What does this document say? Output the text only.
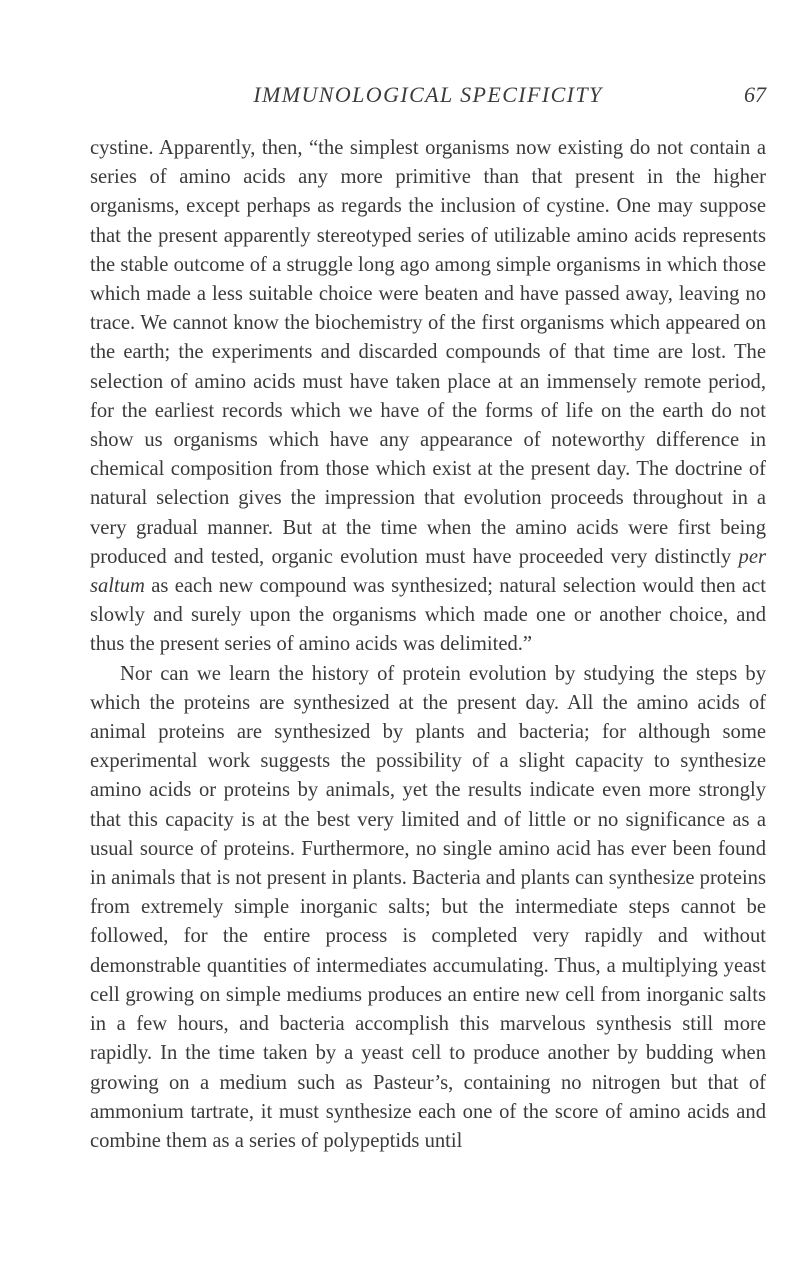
IMMUNOLOGICAL SPECIFICITY	67

cystine. Apparently, then, “the simplest organisms now existing do not contain a series of amino acids any more primitive than that present in the higher organisms, except perhaps as regards the inclusion of cystine. One may suppose that the present apparently stereotyped series of utilizable amino acids represents the stable outcome of a struggle long ago among simple organisms in which those which made a less suitable choice were beaten and have passed away, leaving no trace. We cannot know the biochemistry of the first organisms which appeared on the earth; the experiments and discarded compounds of that time are lost. The selection of amino acids must have taken place at an immensely remote period, for the earliest records which we have of the forms of life on the earth do not show us organisms which have any appearance of noteworthy difference in chemical composition from those which exist at the present day. The doctrine of natural selection gives the impression that evolution proceeds throughout in a very gradual manner. But at the time when the amino acids were first being produced and tested, organic evolution must have proceeded very distinctly per saltum as each new compound was synthesized; natural selection would then act slowly and surely upon the organisms which made one or another choice, and thus the present series of amino acids was delimited.”

Nor can we learn the history of protein evolution by studying the steps by which the proteins are synthesized at the present day. All the amino acids of animal proteins are synthesized by plants and bacteria; for although some experimental work suggests the possibility of a slight capacity to synthesize amino acids or proteins by animals, yet the results indicate even more strongly that this capacity is at the best very limited and of little or no significance as a usual source of proteins. Furthermore, no single amino acid has ever been found in animals that is not present in plants. Bacteria and plants can synthesize proteins from extremely simple inorganic salts; but the intermediate steps cannot be followed, for the entire process is completed very rapidly and without demonstrable quantities of intermediates accumulating. Thus, a multiplying yeast cell growing on simple mediums produces an entire new cell from inorganic salts in a few hours, and bacteria accomplish this marvelous synthesis still more rapidly. In the time taken by a yeast cell to produce another by budding when growing on a medium such as Pasteur’s, containing no nitrogen but that of ammonium tartrate, it must synthesize each one of the score of amino acids and combine them as a series of polypeptids until
